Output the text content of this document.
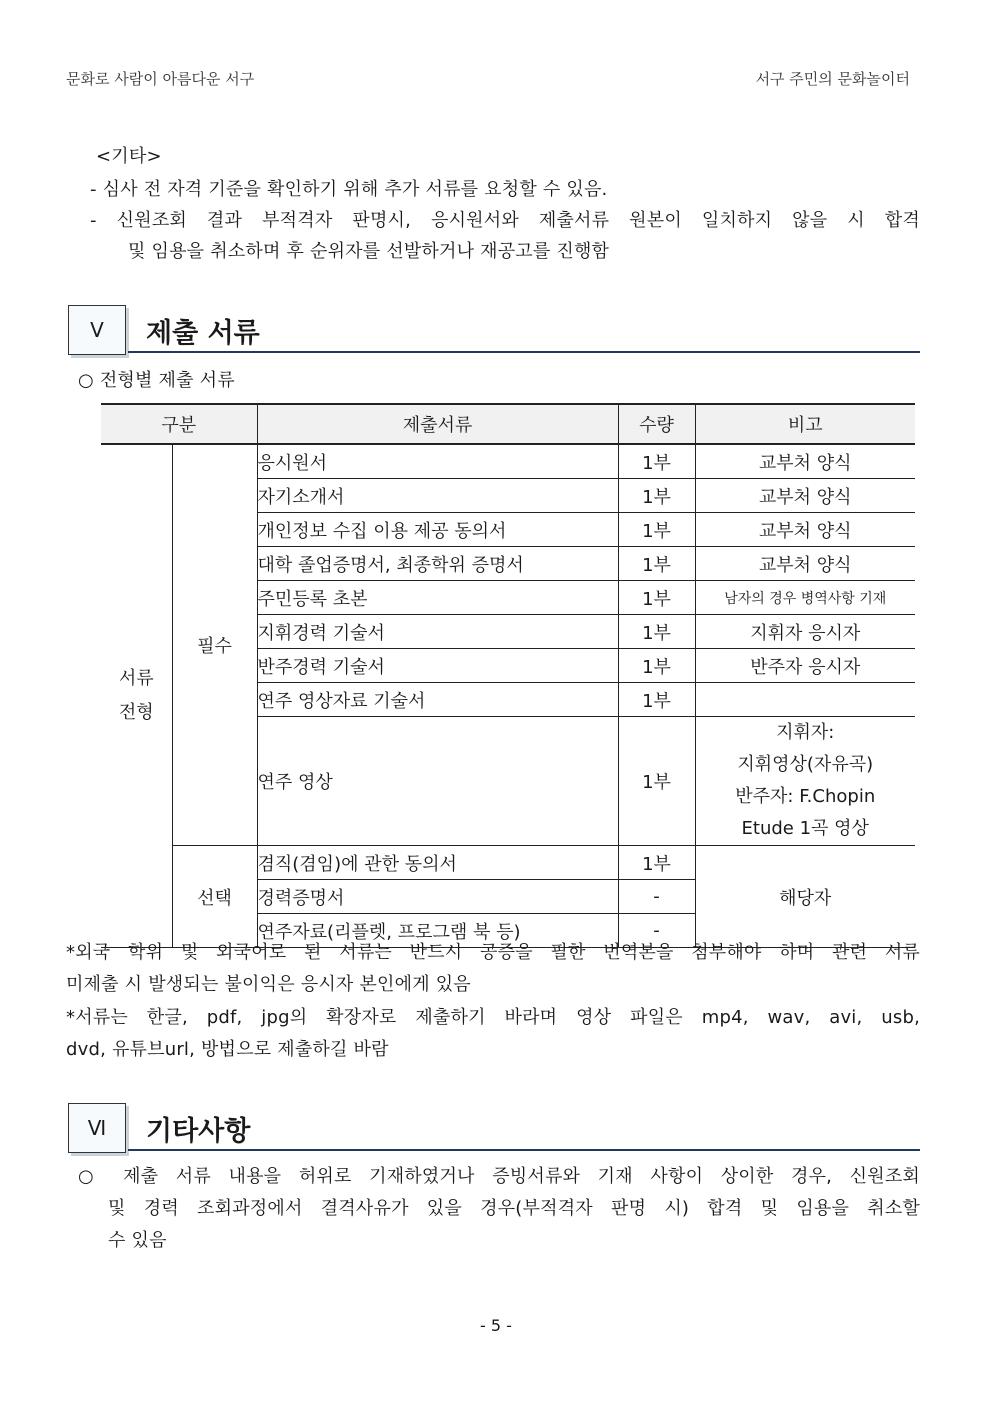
문화로 사람이 아름다운 서구	서구 주민의 문화놀이터
<기타>
- 심사 전 자격 기준을 확인하기 위해 추가 서류를 요청할 수 있음.
- 신원조회 결과 부적격자 판명시, 응시원서와 제출서류 원본이 일치하지 않을 시 합격
및 임용을 취소하며 후 순위자를 선발하거나 재공고를 진행함
Ⅴ	제출 서류
○ 전형별 제출 서류
구분		제출서류	수량	비고
서류
전형	필수	응시원서	1부	교부처 양식
		자기소개서	1부	교부처 양식
		개인정보 수집 이용 제공 동의서	1부	교부처 양식
		대학 졸업증명서, 최종학위 증명서	1부	교부처 양식
		주민등록 초본	1부	남자의 경우 병역사항 기재
		지휘경력 기술서	1부	지휘자 응시자
		반주경력 기술서	1부	반주자 응시자
		연주 영상자료 기술서	1부	
		연주 영상	1부	지휘자:
지휘영상(자유곡)
반주자: F.Chopin
Etude 1곡 영상

	선택	겸직(겸임)에 관한 동의서	1부	해당자
		경력증명서	-	
		연주자료(리플렛, 프로그램 북 등)	-	
*외국 학위 및 외국어로 된 서류는 반드시 공증을 필한 번역본을 첨부해야 하며 관련 서류
미제출 시 발생되는 불이익은 응시자 본인에게 있음
*서류는 한글, pdf, jpg의 확장자로 제출하기 바라며 영상 파일은 mp4, wav, avi, usb,
dvd, 유튜브url, 방법으로 제출하길 바람
Ⅵ	기타사항
○ 제출 서류 내용을 허위로 기재하였거나 증빙서류와 기재 사항이 상이한 경우, 신원조회
및 경력 조회과정에서 결격사유가 있을 경우(부적격자 판명 시) 합격 및 임용을 취소할
수 있음
- 5 -
